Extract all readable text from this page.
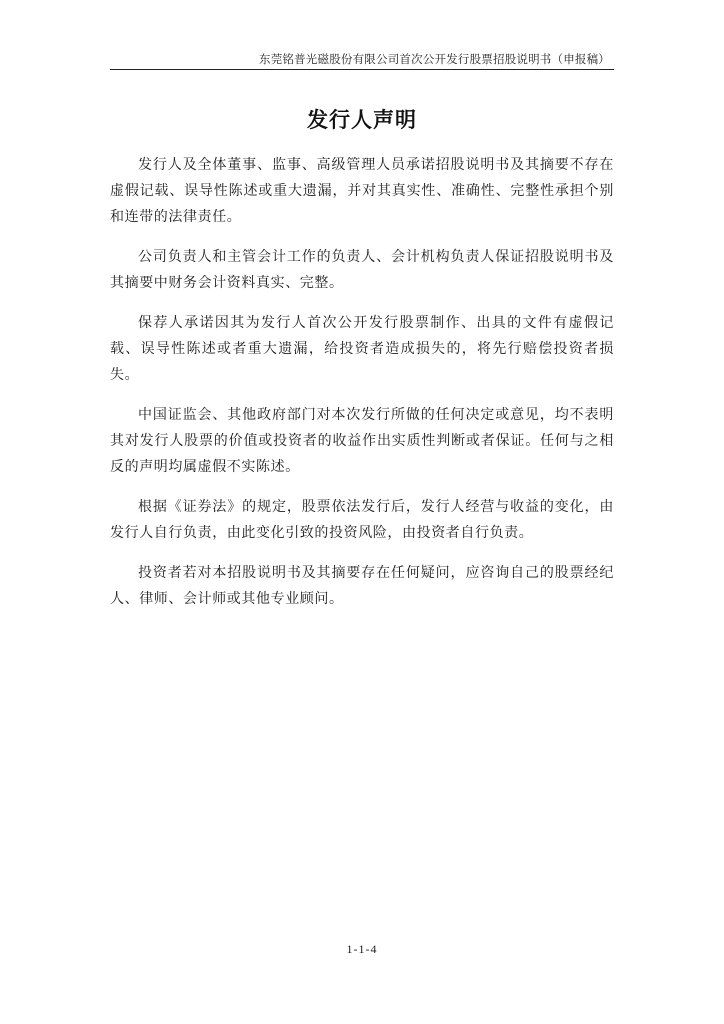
东莞铭普光磁股份有限公司首次公开发行股票招股说明书（申报稿）
发行人声明

发行人及全体董事、监事、高级管理人员承诺招股说明书及其摘要不存在虚假记载、误导性陈述或重大遗漏，并对其真实性、准确性、完整性承担个别和连带的法律责任。

公司负责人和主管会计工作的负责人、会计机构负责人保证招股说明书及其摘要中财务会计资料真实、完整。

保荐人承诺因其为发行人首次公开发行股票制作、出具的文件有虚假记载、误导性陈述或者重大遗漏，给投资者造成损失的，将先行赔偿投资者损失。

中国证监会、其他政府部门对本次发行所做的任何决定或意见，均不表明其对发行人股票的价值或投资者的收益作出实质性判断或者保证。任何与之相反的声明均属虚假不实陈述。

根据《证券法》的规定，股票依法发行后，发行人经营与收益的变化，由发行人自行负责，由此变化引致的投资风险，由投资者自行负责。

投资者若对本招股说明书及其摘要存在任何疑问，应咨询自己的股票经纪人、律师、会计师或其他专业顾问。

1-1-4
